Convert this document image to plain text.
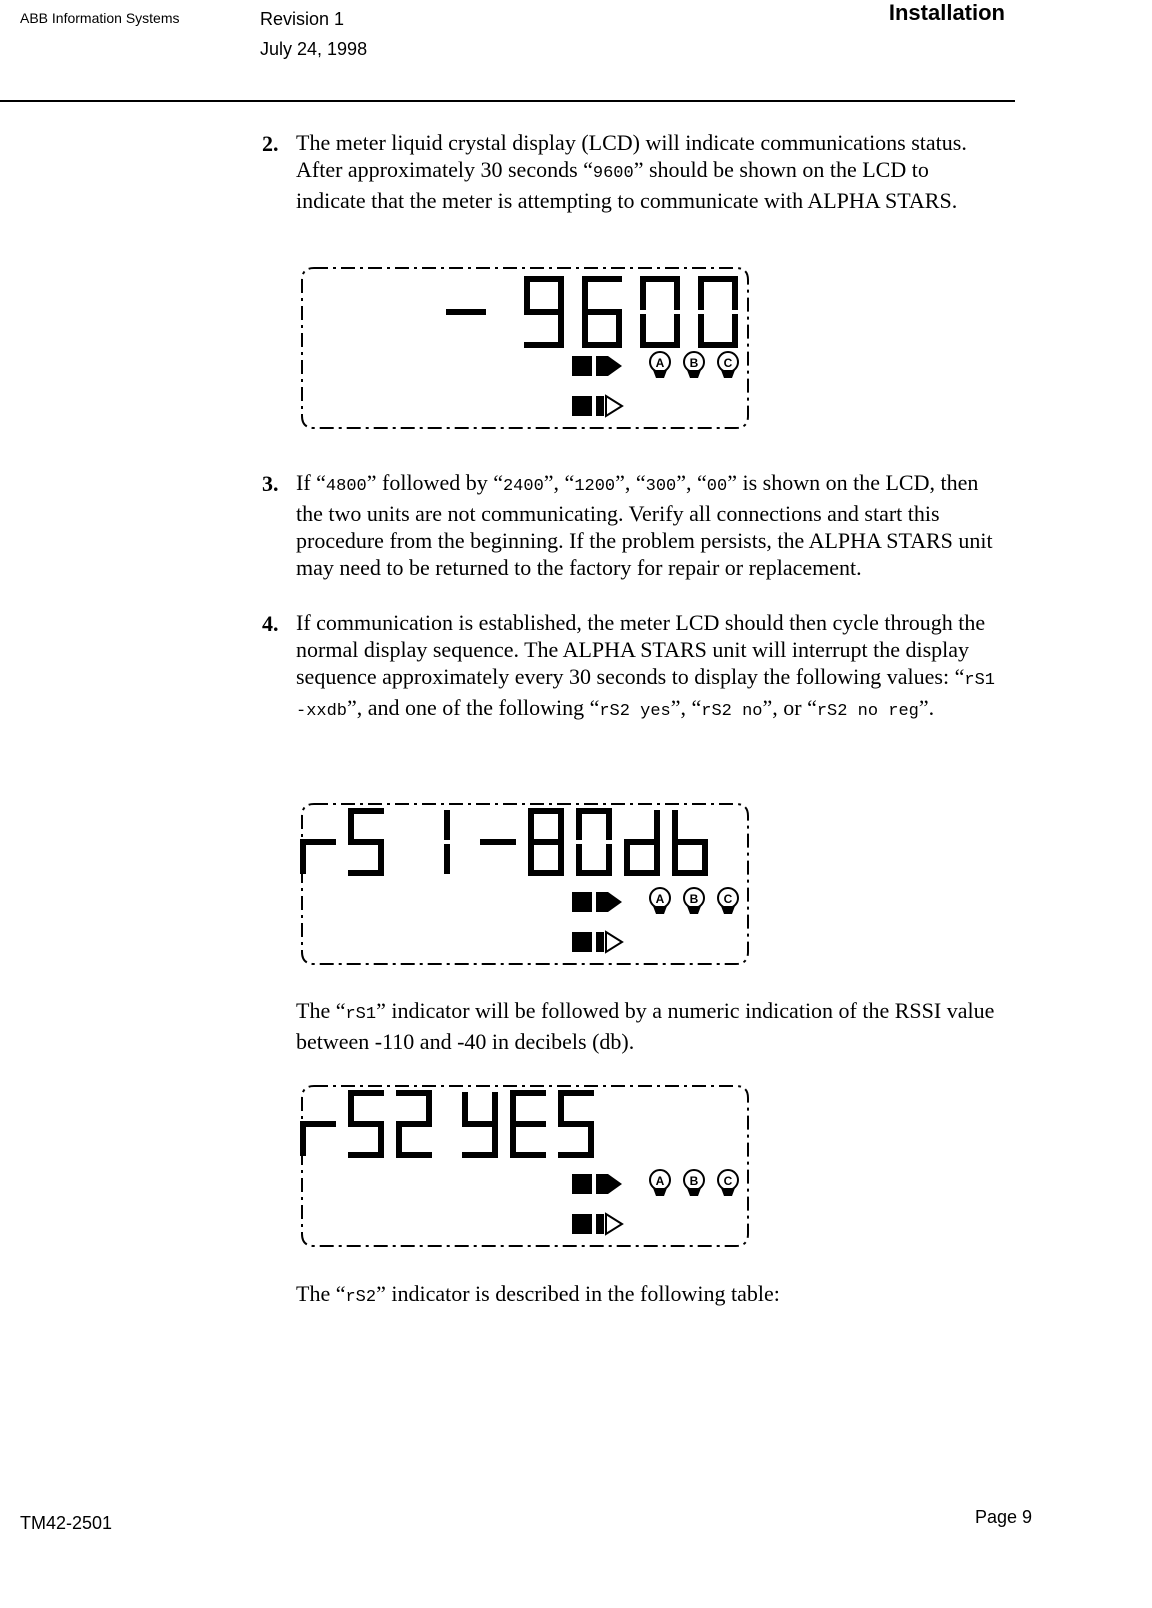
ABB Information Systems	Revision 1
July 24, 1998
Installation
2. The meter liquid crystal display (LCD) will indicate communications status. After approximately 30 seconds “9600” should be shown on the LCD to indicate that the meter is attempting to communicate with ALPHA STARS.
A B C
3. If “4800” followed by “2400”, “1200”, “300”, “00” is shown on the LCD, then the two units are not communicating. Verify all connections and start this procedure from the beginning. If the problem persists, the ALPHA STARS unit may need to be returned to the factory for repair or replacement.
4. If communication is established, the meter LCD should then cycle through the normal display sequence. The ALPHA STARS unit will interrupt the display sequence approximately every 30 seconds to display the following values: “rS1 -xxdb”, and one of the following “rS2 yes”, “rS2 no”, or “rS2 no reg”.
A B C
The “rS1” indicator will be followed by a numeric indication of the RSSI value between -110 and -40 in decibels (db).
A B C
The “rS2” indicator is described in the following table:
TM42-2501	Page 9
